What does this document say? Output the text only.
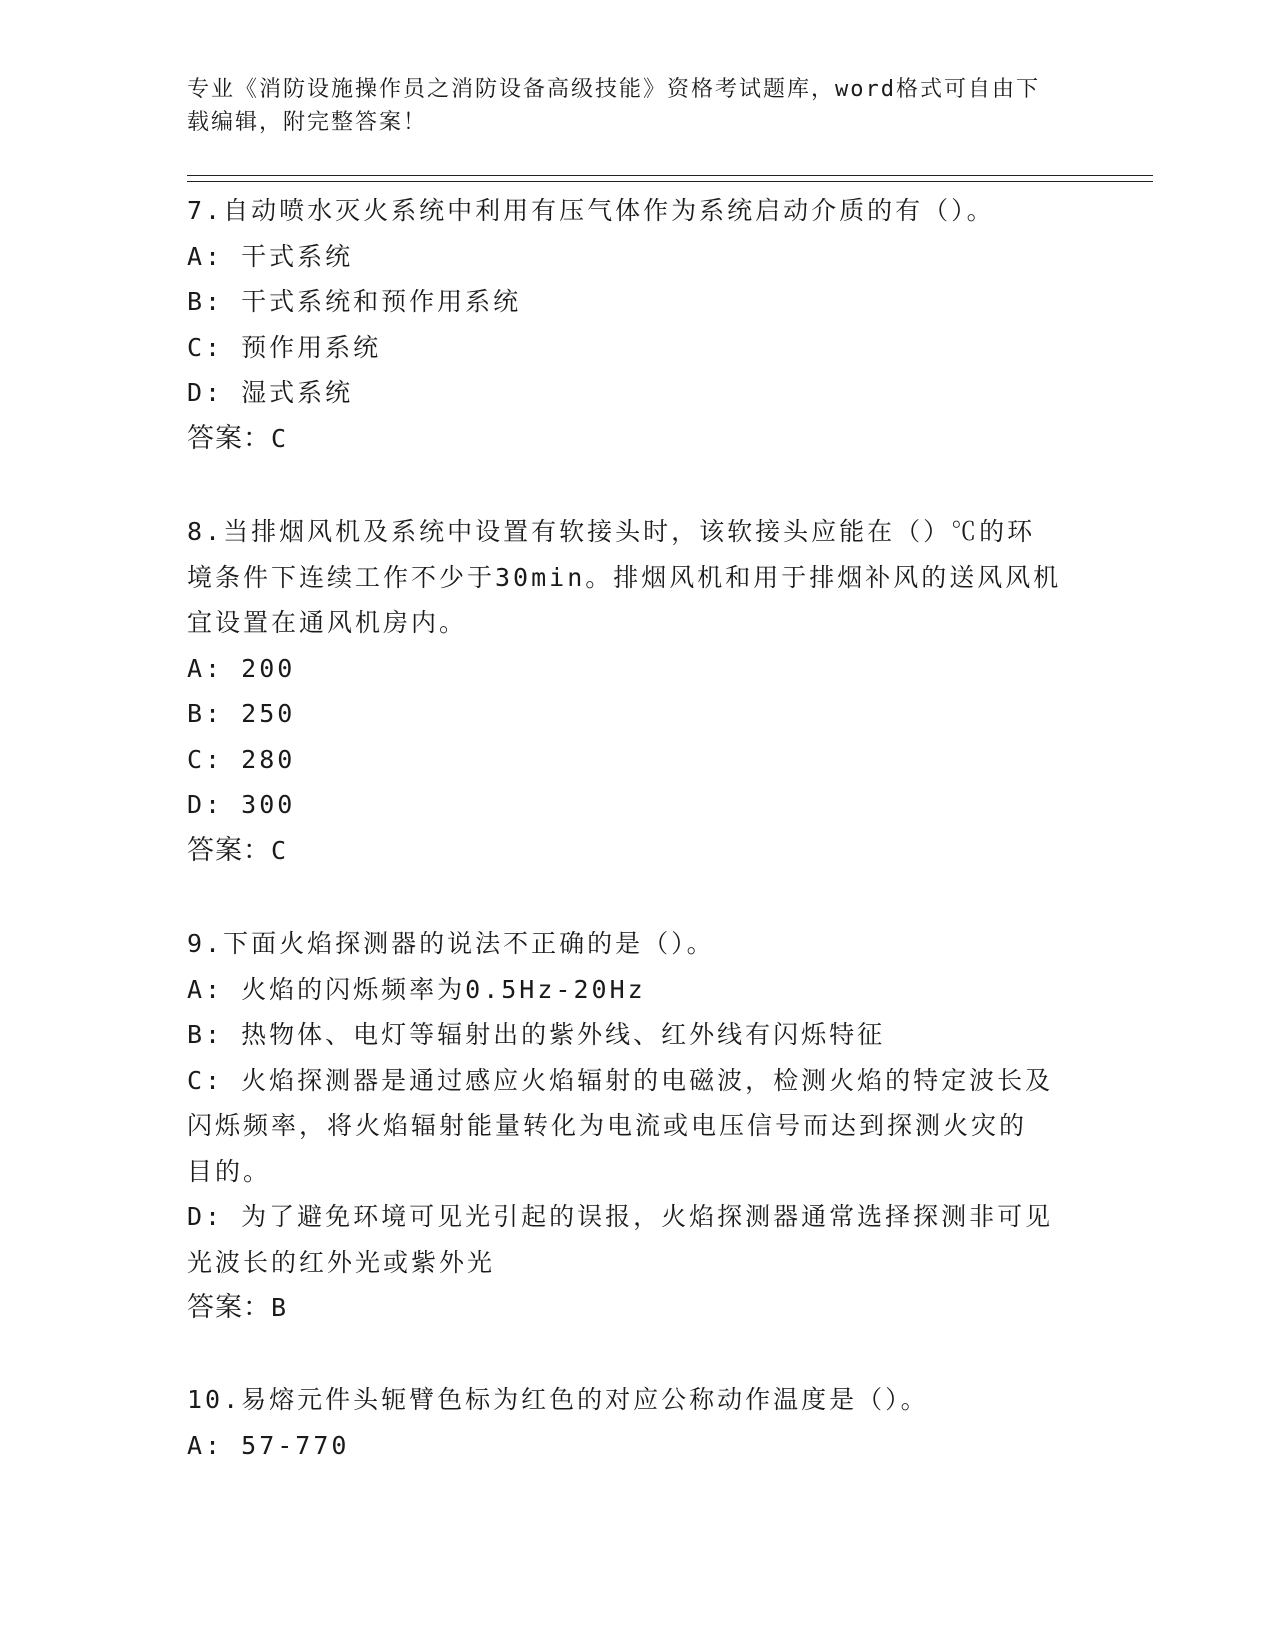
专业《消防设施操作员之消防设备高级技能》资格考试题库，word格式可自由下
载编辑，附完整答案！

7.自动喷水灭火系统中利用有压气体作为系统启动介质的有（）。

A: 干式系统

B: 干式系统和预作用系统

C: 预作用系统

D: 湿式系统

答案：C

8.当排烟风机及系统中设置有软接头时，该软接头应能在（）℃的环

境条件下连续工作不少于30min。排烟风机和用于排烟补风的送风风机

宜设置在通风机房内。

A: 200

B: 250

C: 280

D: 300

答案：C

9.下面火焰探测器的说法不正确的是（）。

A: 火焰的闪烁频率为0.5Hz-20Hz

B: 热物体、电灯等辐射出的紫外线、红外线有闪烁特征

C: 火焰探测器是通过感应火焰辐射的电磁波，检测火焰的特定波长及

闪烁频率，将火焰辐射能量转化为电流或电压信号而达到探测火灾的

目的。

D: 为了避免环境可见光引起的误报，火焰探测器通常选择探测非可见

光波长的红外光或紫外光

答案：B

10.易熔元件头轭臂色标为红色的对应公称动作温度是（）。

A: 57-770
